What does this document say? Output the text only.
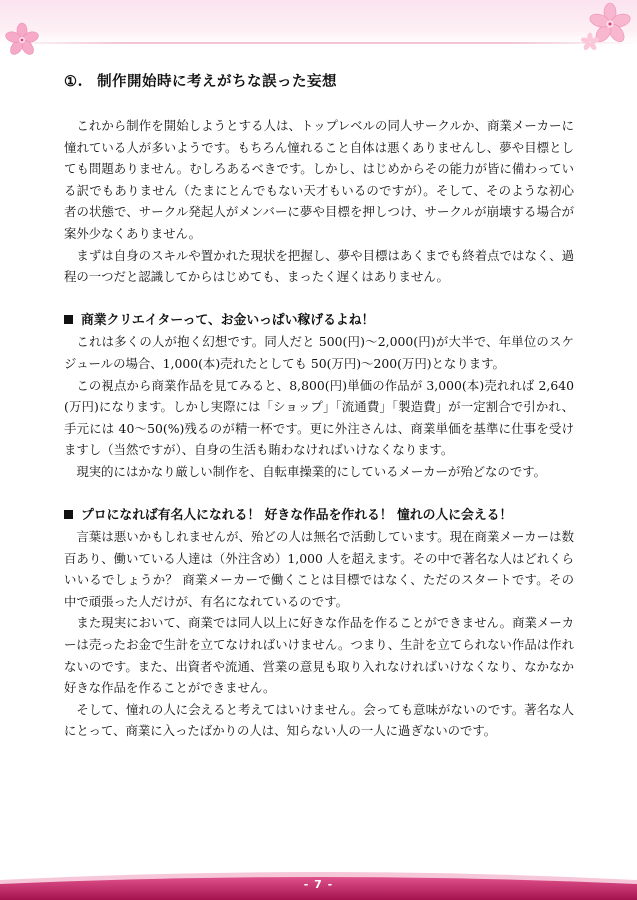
①. 制作開始時に考えがちな誤った妄想

これから制作を開始しようとする人は、トップレベルの同人サークルか、商業メーカーに憧れている人が多いようです。もちろん憧れること自体は悪くありませんし、夢や目標としても問題ありません。むしろあるべきです。しかし、はじめからその能力が皆に備わっている訳でもありません（たまにとんでもない天才もいるのですが）。そして、そのような初心者の状態で、サークル発起人がメンバーに夢や目標を押しつけ、サークルが崩壊する場合が案外少なくありません。

まずは自身のスキルや置かれた現状を把握し、夢や目標はあくまでも終着点ではなく、過程の一つだと認識してからはじめても、まったく遅くはありません。

商業クリエイターって、お金いっぱい稼げるよね！

これは多くの人が抱く幻想です。同人だと 500(円)～2,000(円)が大半で、年単位のスケジュールの場合、1,000(本)売れたとしても 50(万円)～200(万円)となります。

この視点から商業作品を見てみると、8,800(円)単価の作品が 3,000(本)売れれば 2,640(万円)になります。しかし実際には「ショップ」「流通費」「製造費」が一定割合で引かれ、手元には 40～50(%)残るのが精一杯です。更に外注さんは、商業単価を基準に仕事を受けますし（当然ですが）、自身の生活も賄わなければいけなくなります。

現実的にはかなり厳しい制作を、自転車操業的にしているメーカーが殆どなのです。

プロになれば有名人になれる！ 好きな作品を作れる！ 憧れの人に会える！

言葉は悪いかもしれませんが、殆どの人は無名で活動しています。現在商業メーカーは数百あり、働いている人達は（外注含め）1,000 人を超えます。その中で著名な人はどれくらいいるでしょうか？ 商業メーカーで働くことは目標ではなく、ただのスタートです。その中で頑張った人だけが、有名になれているのです。

また現実において、商業では同人以上に好きな作品を作ることができません。商業メーカーは売ったお金で生計を立てなければいけません。つまり、生計を立てられない作品は作れないのです。また、出資者や流通、営業の意見も取り入れなければいけなくなり、なかなか好きな作品を作ることができません。

そして、憧れの人に会えると考えてはいけません。会っても意味がないのです。著名な人にとって、商業に入ったばかりの人は、知らない人の一人に過ぎないのです。

- 7 -
